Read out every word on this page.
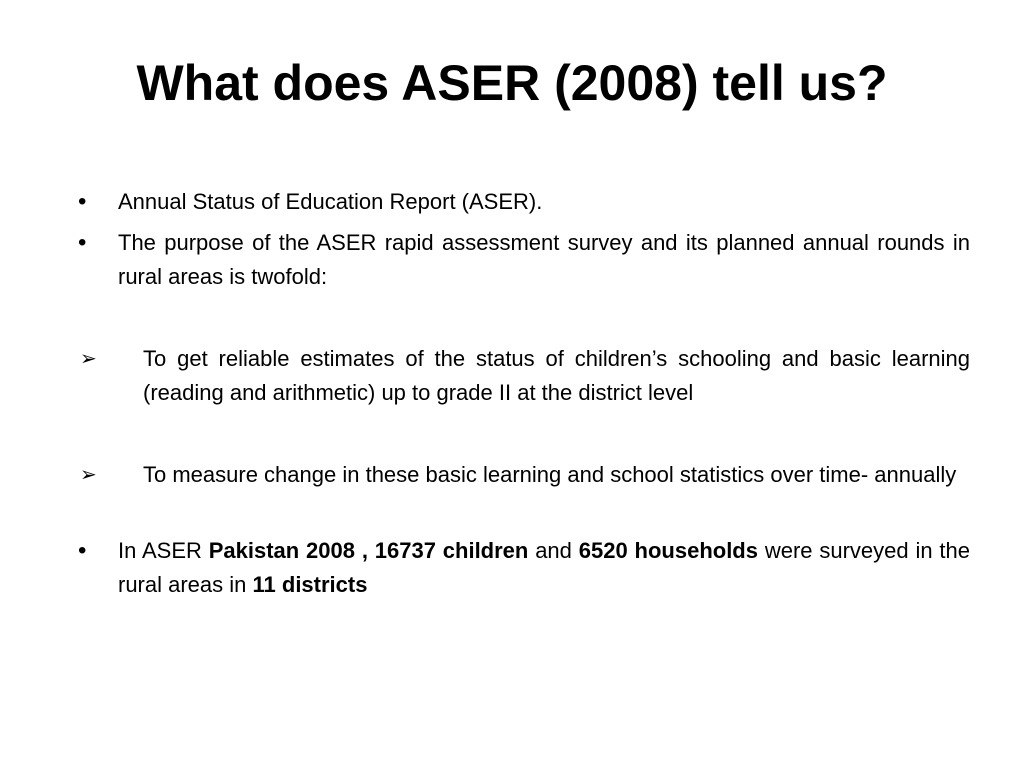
What does ASER (2008) tell us?
• Annual Status of Education Report (ASER).

• The purpose of the ASER rapid assessment survey and its planned annual rounds in rural areas is twofold:

➢ To get reliable estimates of the status of children’s schooling and basic learning (reading and arithmetic) up to grade II at the district level

➢ To measure change in these basic learning and school statistics over time- annually

• In ASER Pakistan 2008 , 16737 children and 6520 households were surveyed in the rural areas in 11 districts
